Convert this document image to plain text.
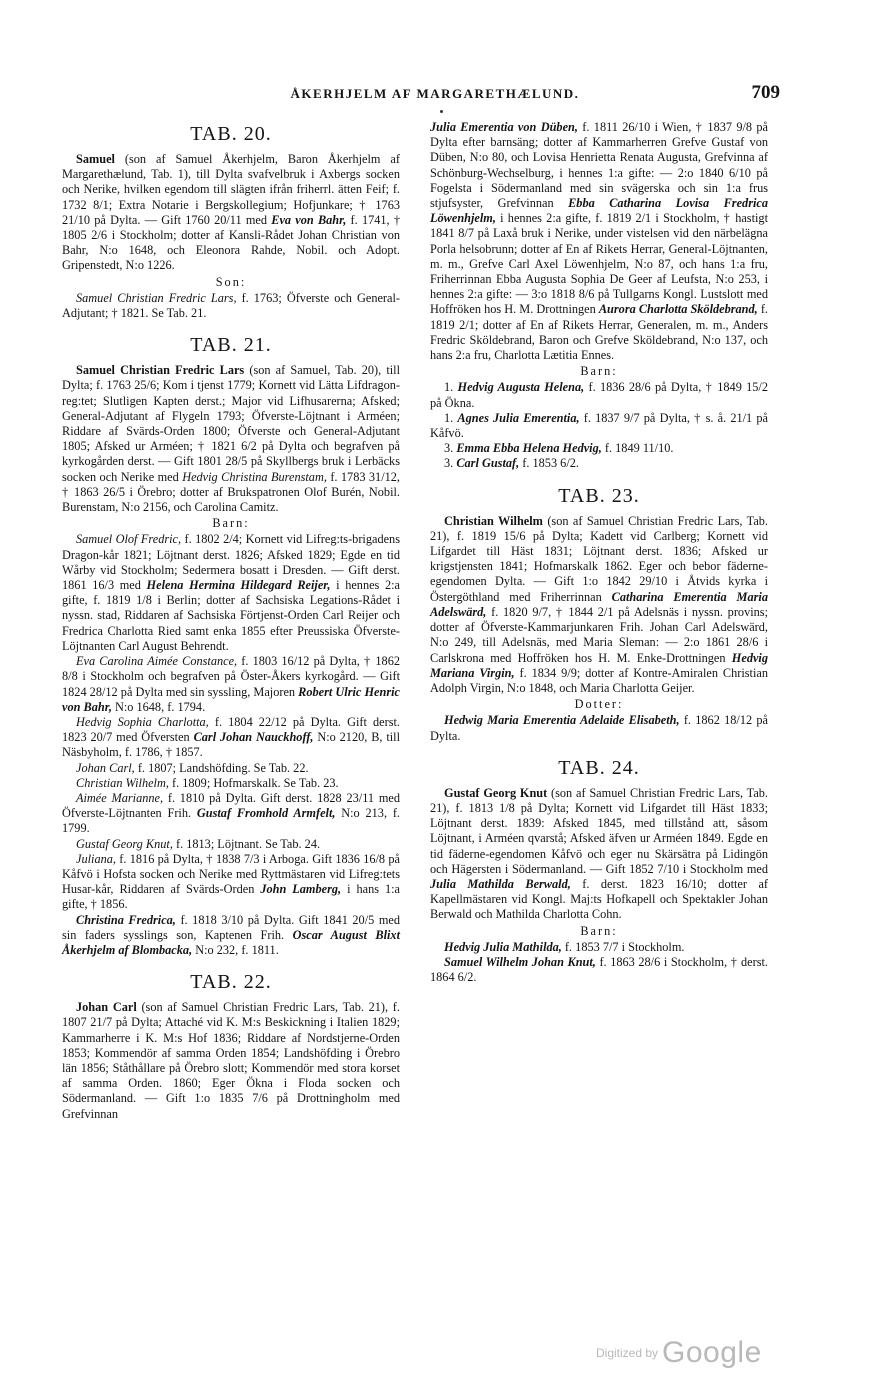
ÅKERHJELM AF MARGARETHÆLUND.	709
TAB. 20.

Samuel (son af Samuel Åkerhjelm, Baron Åkerhjelm af Margarethælund, Tab. 1), till Dylta svafvelbruk i Axbergs socken och Nerike, hvilken egendom till slägten ifrån friherrl. ätten Feif; f. 1732 8/1; Extra Notarie i Bergskollegium; Hofjunkare; † 1763 21/10 på Dylta. — Gift 1760 20/11 med Eva von Bahr, f. 1741, † 1805 2/6 i Stockholm; dotter af Kansli-Rådet Johan Christian von Bahr, N:o 1648, och Eleonora Rahde, Nobil. och Adopt. Gripenstedt, N:o 1226.

Son:

Samuel Christian Fredric Lars, f. 1763; Öfverste och General-Adjutant; † 1821. Se Tab. 21.

TAB. 21.

Samuel Christian Fredric Lars (son af Samuel, Tab. 20), till Dylta; f. 1763 25/6; Kom i tjenst 1779; Kornett vid Lätta Lifdragon-reg:tet; Slutligen Kapten derst.; Major vid Lifhusarerna; Afsked; General-Adjutant af Flygeln 1793; Öfverste-Löjtnant i Arméen; Riddare af Svärds-Orden 1800; Öfverste och General-Adjutant 1805; Afsked ur Arméen; † 1821 6/2 på Dylta och begrafven på kyrkogården derst. — Gift 1801 28/5 på Skyllbergs bruk i Lerbäcks socken och Nerike med Hedvig Christina Burenstam, f. 1783 31/12, † 1863 26/5 i Örebro; dotter af Brukspatronen Olof Burén, Nobil. Burenstam, N:o 2156, och Carolina Camitz.

Barn:

Samuel Olof Fredric, f. 1802 2/4; Kornett vid Lifreg:ts-brigadens Dragon-kår 1821; Löjtnant derst. 1826; Afsked 1829; Egde en tid Wårby vid Stockholm; Sedermera bosatt i Dresden. — Gift derst. 1861 16/3 med Helena Hermina Hildegard Reijer, i hennes 2:a gifte, f. 1819 1/8 i Berlin; dotter af Sachsiska Legations-Rådet i nyssn. stad, Riddaren af Sachsiska Förtjenst-Orden Carl Reijer och Fredrica Charlotta Ried samt enka 1855 efter Preussiska Öfverste-Löjtnanten Carl August Behrendt.

Eva Carolina Aimée Constance, f. 1803 16/12 på Dylta, † 1862 8/8 i Stockholm och begrafven på Öster-Åkers kyrkogård. — Gift 1824 28/12 på Dylta med sin syssling, Majoren Robert Ulric Henric von Bahr, N:o 1648, f. 1794.

Hedvig Sophia Charlotta, f. 1804 22/12 på Dylta. Gift derst. 1823 20/7 med Öfversten Carl Johan Nauckhoff, N:o 2120, B, till Näsbyholm, f. 1786, † 1857.

Johan Carl, f. 1807; Landshöfding. Se Tab. 22.

Christian Wilhelm, f. 1809; Hofmarskalk. Se Tab. 23.

Aimée Marianne, f. 1810 på Dylta. Gift derst. 1828 23/11 med Öfverste-Löjtnanten Frih. Gustaf Fromhold Armfelt, N:o 213, f. 1799.

Gustaf Georg Knut, f. 1813; Löjtnant. Se Tab. 24.

Juliana, f. 1816 på Dylta, † 1838 7/3 i Arboga. Gift 1836 16/8 på Kåfvö i Hofsta socken och Nerike med Ryttmästaren vid Lifreg:tets Husar-kår, Riddaren af Svärds-Orden John Lamberg, i hans 1:a gifte, † 1856.

Christina Fredrica, f. 1818 3/10 på Dylta. Gift 1841 20/5 med sin faders sysslings son, Kaptenen Frih. Oscar August Blixt Åkerhjelm af Blombacka, N:o 232, f. 1811.

TAB. 22.

Johan Carl (son af Samuel Christian Fredric Lars, Tab. 21), f. 1807 21/7 på Dylta; Attaché vid K. M:s Beskickning i Italien 1829; Kammarherre i K. M:s Hof 1836; Riddare af Nordstjerne-Orden 1853; Kommendör af samma Orden 1854; Landshöfding i Örebro län 1856; Ståthållare på Örebro slott; Kommendör med stora korset af samma Orden. 1860; Eger Ökna i Floda socken och Södermanland. — Gift 1:o 1835 7/6 på Drottningholm med Grefvinnan

Julia Emerentia von Düben, f. 1811 26/10 i Wien, † 1837 9/8 på Dylta efter barnsäng; dotter af Kammarherren Grefve Gustaf von Düben, N:o 80, och Lovisa Henrietta Renata Augusta, Grefvinna af Schönburg-Wechselburg, i hennes 1:a gifte: — 2:o 1840 6/10 på Fogelsta i Södermanland med sin svägerska och sin 1:a frus stjufsyster, Grefvinnan Ebba Catharina Lovisa Fredrica Löwenhjelm, i hennes 2:a gifte, f. 1819 2/1 i Stockholm, † hastigt 1841 8/7 på Laxå bruk i Nerike, under vistelsen vid den närbelägna Porla helsobrunn; dotter af En af Rikets Herrar, General-Löjtnanten, m. m., Grefve Carl Axel Löwenhjelm, N:o 87, och hans 1:a fru, Friherrinnan Ebba Augusta Sophia De Geer af Leufsta, N:o 253, i hennes 2:a gifte: — 3:o 1818 8/6 på Tullgarns Kongl. Lustslott med Hoffröken hos H. M. Drottningen Aurora Charlotta Sköldebrand, f. 1819 2/1; dotter af En af Rikets Herrar, Generalen, m. m., Anders Fredric Sköldebrand, Baron och Grefve Sköldebrand, N:o 137, och hans 2:a fru, Charlotta Lætitia Ennes.

Barn:

1. Hedvig Augusta Helena, f. 1836 28/6 på Dylta, † 1849 15/2 på Ökna.

1. Agnes Julia Emerentia, f. 1837 9/7 på Dylta, † s. å. 21/1 på Kåfvö.

3. Emma Ebba Helena Hedvig, f. 1849 11/10.

3. Carl Gustaf, f. 1853 6/2.

TAB. 23.

Christian Wilhelm (son af Samuel Christian Fredric Lars, Tab. 21), f. 1819 15/6 på Dylta; Kadett vid Carlberg; Kornett vid Lifgardet till Häst 1831; Löjtnant derst. 1836; Afsked ur krigstjensten 1841; Hofmarskalk 1862. Eger och bebor fäderne-egendomen Dylta. — Gift 1:o 1842 29/10 i Åtvids kyrka i Östergöthland med Friherrinnan Catharina Emerentia Maria Adelswärd, f. 1820 9/7, † 1844 2/1 på Adelsnäs i nyssn. provins; dotter af Öfverste-Kammarjunkaren Frih. Johan Carl Adelswärd, N:o 249, till Adelsnäs, med Maria Sleman: — 2:o 1861 28/6 i Carlskrona med Hoffröken hos H. M. Enke-Drottningen Hedvig Mariana Virgin, f. 1834 9/9; dotter af Kontre-Amiralen Christian Adolph Virgin, N:o 1848, och Maria Charlotta Geijer.

Dotter:

Hedwig Maria Emerentia Adelaide Elisabeth, f. 1862 18/12 på Dylta.

TAB. 24.

Gustaf Georg Knut (son af Samuel Christian Fredric Lars, Tab. 21), f. 1813 1/8 på Dylta; Kornett vid Lifgardet till Häst 1833; Löjtnant derst. 1839: Afsked 1845, med tillstånd att, såsom Löjtnant, i Arméen qvarstå; Afsked äfven ur Arméen 1849. Egde en tid fäderne-egendomen Kåfvö och eger nu Skärsätra på Lidingön och Hägersten i Södermanland. — Gift 1852 7/10 i Stockholm med Julia Mathilda Berwald, f. derst. 1823 16/10; dotter af Kapellmästaren vid Kongl. Maj:ts Hofkapell och Spektakler Johan Berwald och Mathilda Charlotta Cohn.

Barn:

Hedvig Julia Mathilda, f. 1853 7/7 i Stockholm.

Samuel Wilhelm Johan Knut, f. 1863 28/6 i Stockholm, † derst. 1864 6/2.

Digitized by Google
